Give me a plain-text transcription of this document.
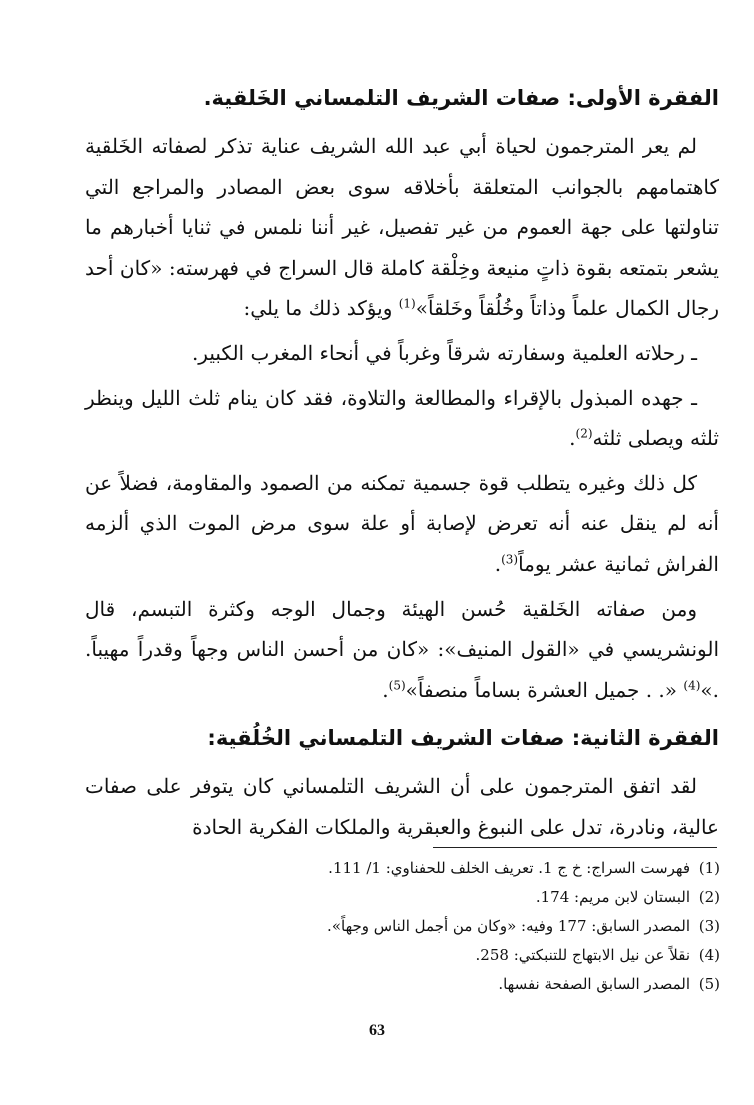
الفقرة الأولى: صفات الشريف التلمساني الخَلقية.

لم يعر المترجمون لحياة أبي عبد الله الشريف عناية تذكر لصفاته الخَلقية كاهتمامهم بالجوانب المتعلقة بأخلاقه سوى بعض المصادر والمراجع التي تناولتها على جهة العموم من غير تفصيل، غير أننا نلمس في ثنايا أخبارهم ما يشعر بتمتعه بقوة ذاتٍ منيعة وخِلْقة كاملة قال السراج في فهرسته: «كان أحد رجال الكمال علماً وذاتاً وخُلُقاً وخَلقاً»$^{(1)}$ ويؤكد ذلك ما يلي:

ـ رحلاته العلمية وسفارته شرقاً وغرباً في أنحاء المغرب الكبير.

ـ جهده المبذول بالإقراء والمطالعة والتلاوة، فقد كان ينام ثلث الليل وينظر ثلثه ويصلى ثلثه$^{(2)}$.

كل ذلك وغيره يتطلب قوة جسمية تمكنه من الصمود والمقاومة، فضلاً عن أنه لم ينقل عنه أنه تعرض لإصابة أو علة سوى مرض الموت الذي ألزمه الفراش ثمانية عشر يوماً$^{(3)}$.

ومن صفاته الخَلقية حُسن الهيئة وجمال الوجه وكثرة التبسم، قال الونشريسي في «القول المنيف»: «كان من أحسن الناس وجهاً وقدراً مهيباً. .»$^{(4)}$ «. . جميل العشرة بساماً منصفاً»$^{(5)}$.

الفقرة الثانية: صفات الشريف التلمساني الخُلُقية:

لقد اتفق المترجمون على أن الشريف التلمساني كان يتوفر على صفات عالية، ونادرة، تدل على النبوغ والعبقرية والملكات الفكرية الحادة

(1)فهرست السراج: خ ج 1. تعريف الخلف للحفناوي: 1/ 111.
(2)البستان لابن مريم: 174.
(3)المصدر السابق: 177 وفيه: «وكان من أجمل الناس وجهاً».
(4)نقلاً عن نيل الابتهاج للتنبكتي: 258.
(5)المصدر السابق الصفحة نفسها.
63
